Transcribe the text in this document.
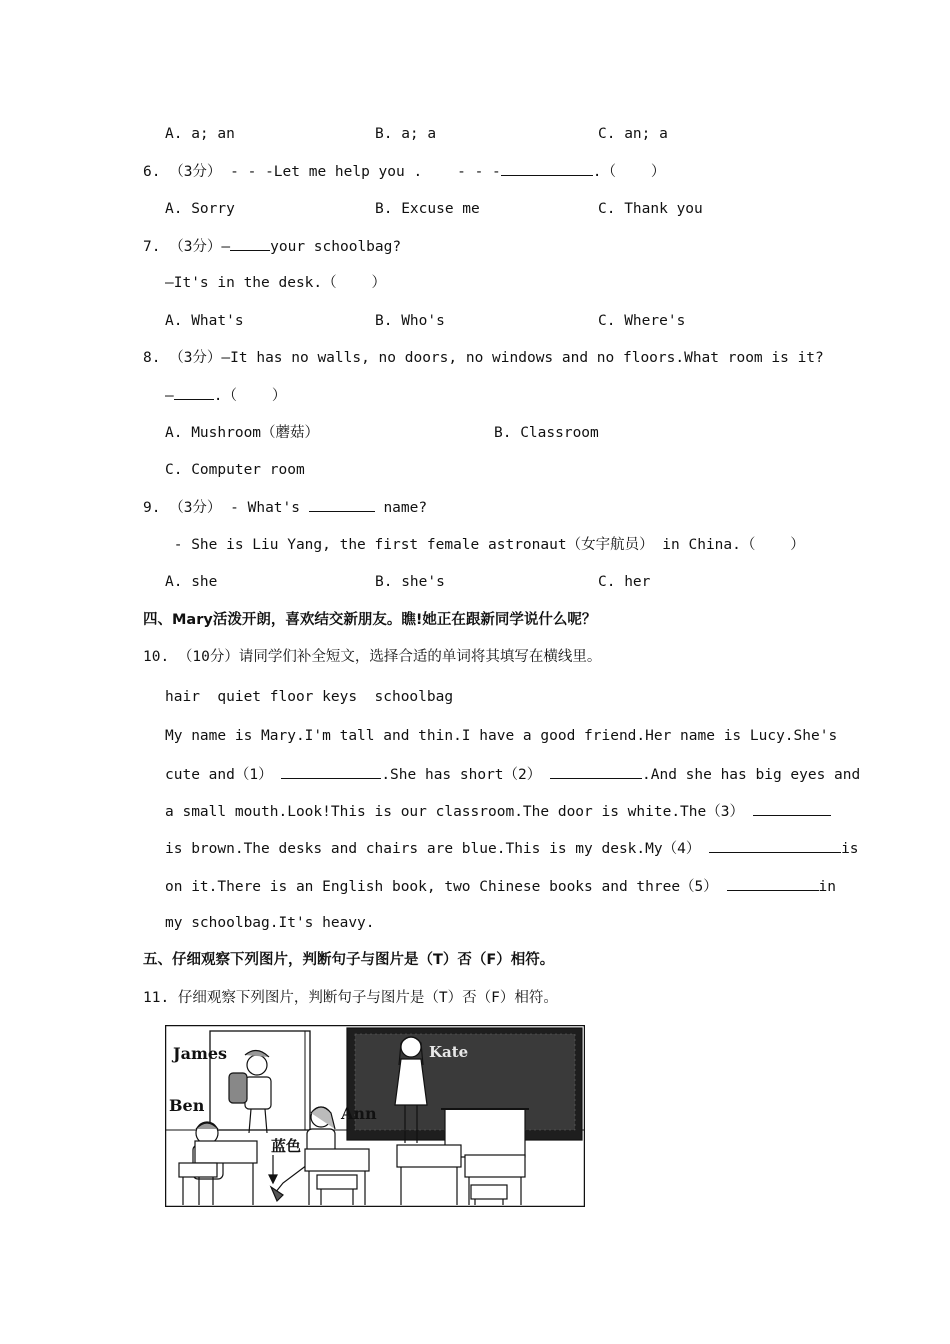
A. a; an	B. a; a	C. an; a
6. （3分） - - -Let me help you .    - - -	.（    ）
A. Sorry	B. Excuse me	C. Thank you
7. （3分）—	your schoolbag?
—It's in the desk.（    ）
A. What's	B. Who's	C. Where's
8. （3分）—It has no walls, no doors, no windows and no floors.What room is it?
—	.（    ）
A. Mushroom（蘑菇）	B. Classroom
C. Computer room
9. （3分） - What's	name?
- She is Liu Yang, the first female astronaut（女宇航员） in China.（    ）
A. she	B. she's	C. her
四、Mary活泼开朗，喜欢结交新朋友。瞧!她正在跟新同学说什么呢？
10. （10分）请同学们补全短文，选择合适的单词将其填写在横线里。
hair  quiet floor keys  schoolbag
My name is Mary.I'm tall and thin.I have a good friend.Her name is Lucy.She's
cute and（1）	.She has short（2）	.And she has big eyes and
a small mouth.Look!This is our classroom.The door is white.The（3）
is brown.The desks and chairs are blue.This is my desk.My（4）	is
on it.There is an English book, two Chinese books and three（5）	in
my schoolbag.It's heavy.
五、仔细观察下列图片，判断句子与图片是（T）否（F）相符。
11. 仔细观察下列图片，判断句子与图片是（T）否（F）相符。
James	Kate
Ben	Ann
蓝色
